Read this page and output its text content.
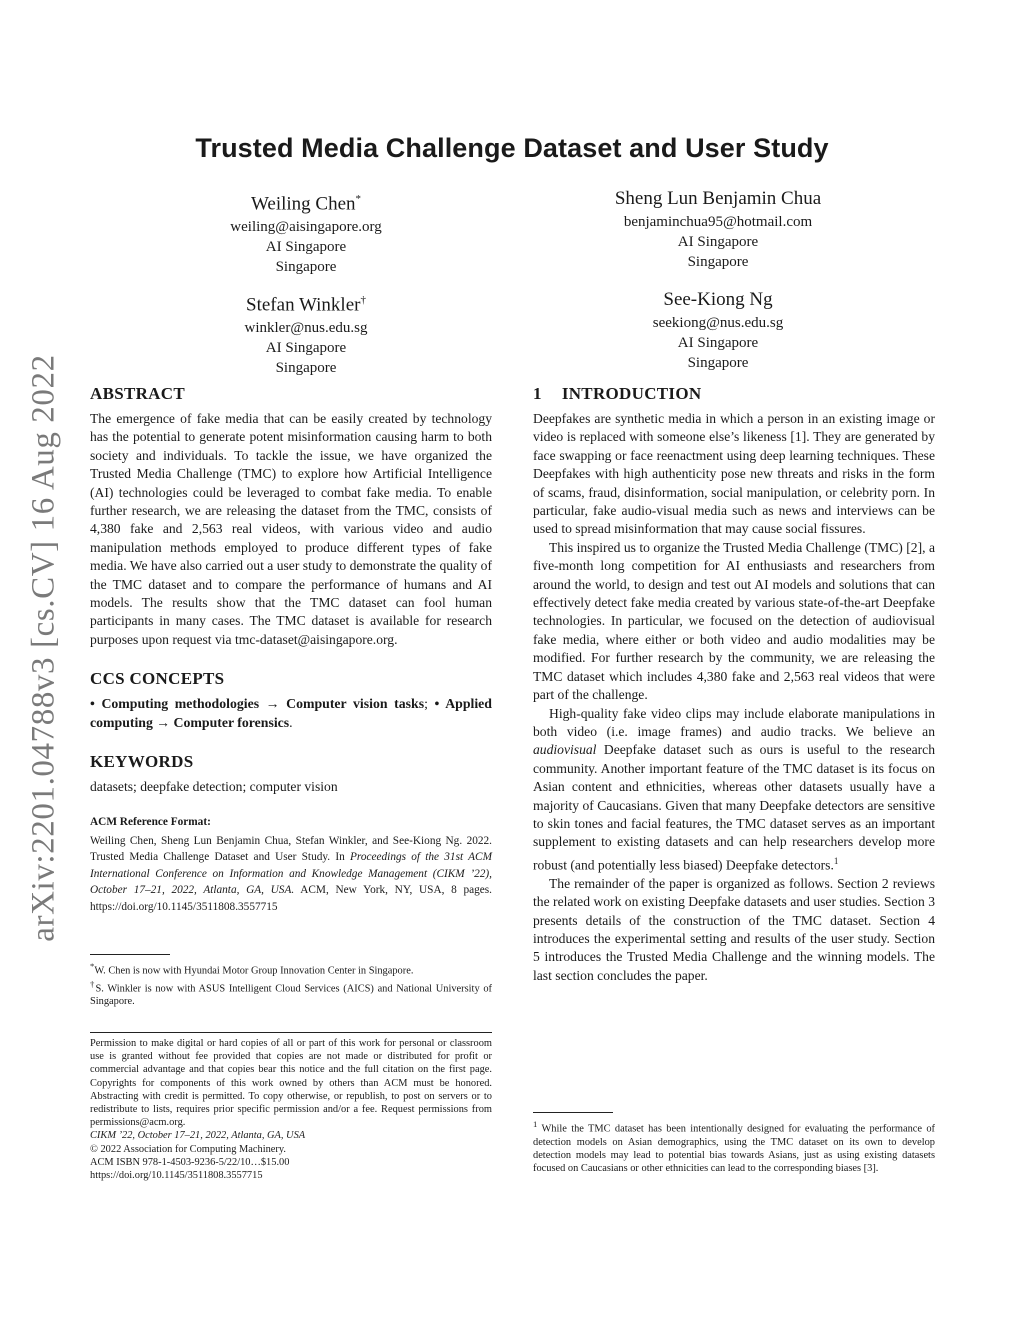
arXiv:2201.04788v3 [cs.CV] 16 Aug 2022
Trusted Media Challenge Dataset and User Study
Weiling Chen*
weiling@aisingapore.org
AI Singapore
Singapore
Sheng Lun Benjamin Chua
benjaminchua95@hotmail.com
AI Singapore
Singapore
Stefan Winkler†
winkler@nus.edu.sg
AI Singapore
Singapore
See-Kiong Ng
seekiong@nus.edu.sg
AI Singapore
Singapore
ABSTRACT

The emergence of fake media that can be easily created by technology has the potential to generate potent misinformation causing harm to both society and individuals. To tackle the issue, we have organized the Trusted Media Challenge (TMC) to explore how Artificial Intelligence (AI) technologies could be leveraged to combat fake media. To enable further research, we are releasing the dataset from the TMC, consists of 4,380 fake and 2,563 real videos, with various video and audio manipulation methods employed to produce different types of fake media. We have also carried out a user study to demonstrate the quality of the TMC dataset and to compare the performance of humans and AI models. The results show that the TMC dataset can fool human participants in many cases. The TMC dataset is available for research purposes upon request via tmc-dataset@aisingapore.org.

CCS CONCEPTS

• Computing methodologies → Computer vision tasks; • Applied computing → Computer forensics.

KEYWORDS

datasets; deepfake detection; computer vision

ACM Reference Format:

Weiling Chen, Sheng Lun Benjamin Chua, Stefan Winkler, and See-Kiong Ng. 2022. Trusted Media Challenge Dataset and User Study. In Proceedings of the 31st ACM International Conference on Information and Knowledge Management (CIKM ’22), October 17–21, 2022, Atlanta, GA, USA. ACM, New York, NY, USA, 8 pages. https://doi.org/10.1145/3511808.3557715

*W. Chen is now with Hyundai Motor Group Innovation Center in Singapore.

†S. Winkler is now with ASUS Intelligent Cloud Services (AICS) and National University of Singapore.

Permission to make digital or hard copies of all or part of this work for personal or classroom use is granted without fee provided that copies are not made or distributed for profit or commercial advantage and that copies bear this notice and the full citation on the first page. Copyrights for components of this work owned by others than ACM must be honored. Abstracting with credit is permitted. To copy otherwise, or republish, to post on servers or to redistribute to lists, requires prior specific permission and/or a fee. Request permissions from permissions@acm.org.

CIKM ’22, October 17–21, 2022, Atlanta, GA, USA

© 2022 Association for Computing Machinery.

ACM ISBN 978-1-4503-9236-5/22/10…$15.00

https://doi.org/10.1145/3511808.3557715

1 INTRODUCTION

Deepfakes are synthetic media in which a person in an existing image or video is replaced with someone else’s likeness [1]. They are generated by face swapping or face reenactment using deep learning techniques. These Deepfakes with high authenticity pose new threats and risks in the form of scams, fraud, disinformation, social manipulation, or celebrity porn. In particular, fake audio-visual media such as news and interviews can be used to spread misinformation that may cause social fissures.

This inspired us to organize the Trusted Media Challenge (TMC) [2], a five-month long competition for AI enthusiasts and researchers from around the world, to design and test out AI models and solutions that can effectively detect fake media created by various state-of-the-art Deepfake technologies. In particular, we focused on the detection of audiovisual fake media, where either or both video and audio modalities may be modified. For further research by the community, we are releasing the TMC dataset which includes 4,380 fake and 2,563 real videos that were part of the challenge.

High-quality fake video clips may include elaborate manipulations in both video (i.e. image frames) and audio tracks. We believe an audiovisual Deepfake dataset such as ours is useful to the research community. Another important feature of the TMC dataset is its focus on Asian content and ethnicities, whereas other datasets usually have a majority of Caucasians. Given that many Deepfake detectors are sensitive to skin tones and facial features, the TMC dataset serves as an important supplement to existing datasets and can help researchers develop more robust (and potentially less biased) Deepfake detectors.$^1$

The remainder of the paper is organized as follows. Section 2 reviews the related work on existing Deepfake datasets and user studies. Section 3 presents details of the construction of the TMC dataset. Section 4 introduces the experimental setting and results of the user study. Section 5 introduces the Trusted Media Challenge and the winning models. The last section concludes the paper.

$^1$ While the TMC dataset has been intentionally designed for evaluating the performance of detection models on Asian demographics, using the TMC dataset on its own to develop detection models may lead to potential bias towards Asians, just as using existing datasets focused on Caucasians or other ethnicities can lead to the corresponding biases [3].
